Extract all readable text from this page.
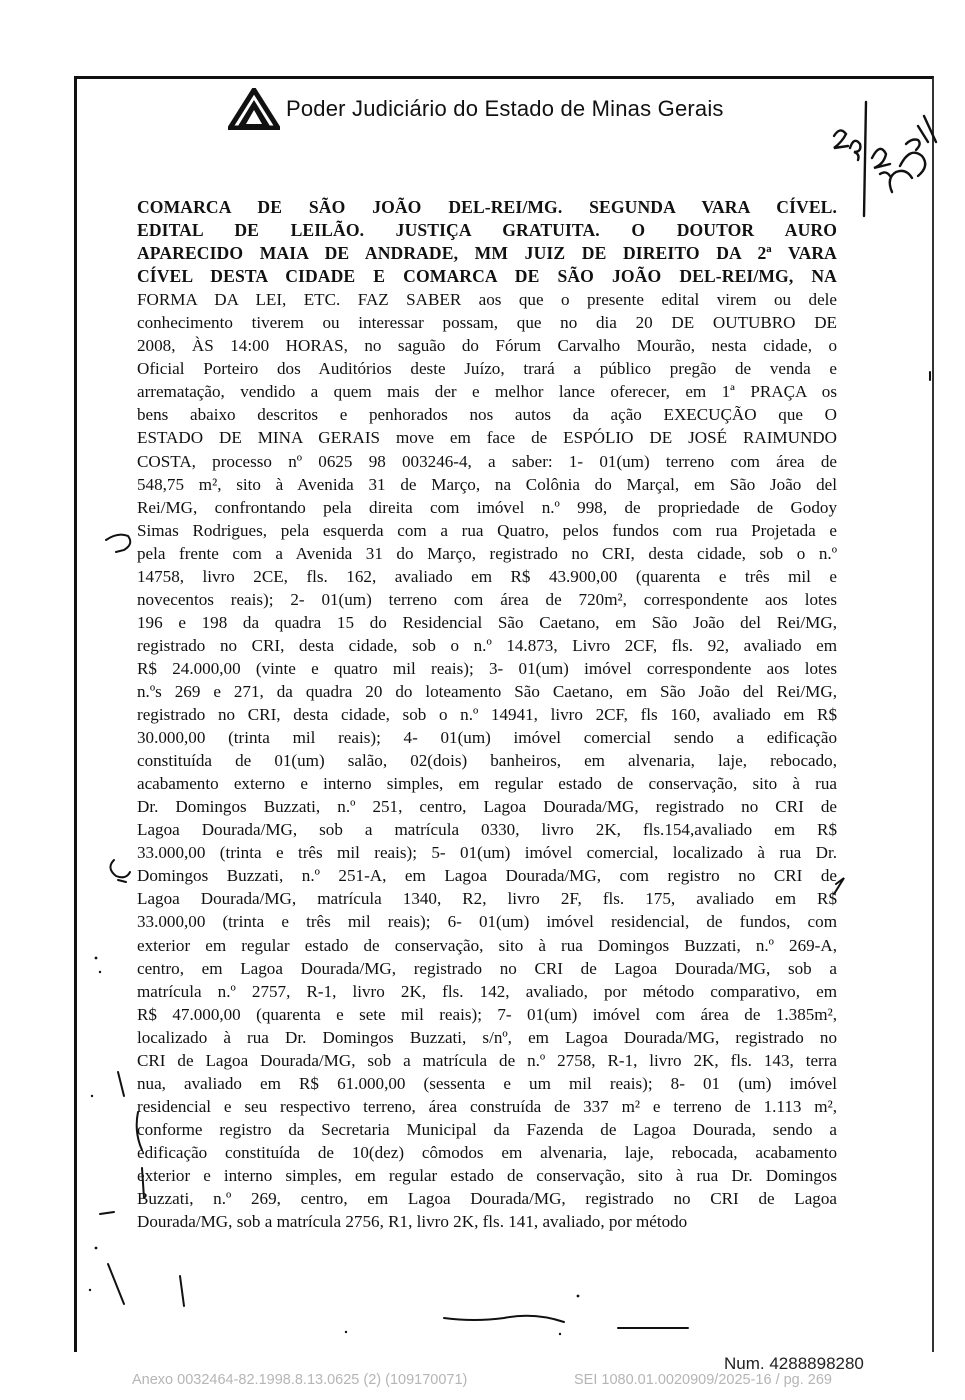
Poder Judiciário do Estado de Minas Gerais
COMARCA DE SÃO JOÃO DEL-REI/MG. SEGUNDA VARA CÍVEL.
EDITAL DE LEILÃO. JUSTIÇA GRATUITA. O DOUTOR AURO
APARECIDO MAIA DE ANDRADE, MM JUIZ DE DIREITO DA 2ª VARA
CÍVEL DESTA CIDADE E COMARCA DE SÃO JOÃO DEL-REI/MG, NA
FORMA DA LEI, ETC. FAZ SABER aos que o presente edital virem ou dele
conhecimento tiverem ou interessar possam, que no dia 20 DE OUTUBRO DE
2008, ÀS 14:00 HORAS, no saguão do Fórum Carvalho Mourão, nesta cidade, o
Oficial Porteiro dos Auditórios deste Juízo, trará a público pregão de venda e
arrematação, vendido a quem mais der e melhor lance oferecer, em 1ª PRAÇA os
bens abaixo descritos e penhorados nos autos da ação EXECUÇÃO que O
ESTADO DE MINA GERAIS move em face de ESPÓLIO DE JOSÉ RAIMUNDO
COSTA, processo nº 0625 98 003246-4, a saber: 1- 01(um) terreno com área de
548,75 m², sito à Avenida 31 de Março, na Colônia do Marçal, em São João del
Rei/MG, confrontando pela direita com imóvel n.º 998, de propriedade de Godoy
Simas Rodrigues, pela esquerda com a rua Quatro, pelos fundos com rua Projetada e
pela frente com a Avenida 31 do Março, registrado no CRI, desta cidade, sob o n.º
14758, livro 2CE, fls. 162, avaliado em R$ 43.900,00 (quarenta e três mil e
novecentos reais); 2- 01(um) terreno com área de 720m², correspondente aos lotes
196 e 198 da quadra 15 do Residencial São Caetano, em São João del Rei/MG,
registrado no CRI, desta cidade, sob o n.º 14.873, Livro 2CF, fls. 92, avaliado em
R$ 24.000,00 (vinte e quatro mil reais); 3- 01(um) imóvel correspondente aos lotes
n.ºs 269 e 271, da quadra 20 do loteamento São Caetano, em São João del Rei/MG,
registrado no CRI, desta cidade, sob o n.º 14941, livro 2CF, fls 160, avaliado em R$
30.000,00 (trinta mil reais); 4- 01(um) imóvel comercial sendo a edificação
constituída de 01(um) salão, 02(dois) banheiros, em alvenaria, laje, rebocado,
acabamento externo e interno simples, em regular estado de conservação, sito à rua
Dr. Domingos Buzzati, n.º 251, centro, Lagoa Dourada/MG, registrado no CRI de
Lagoa Dourada/MG, sob a matrícula 0330, livro 2K, fls.154,avaliado em R$
33.000,00 (trinta e três mil reais); 5- 01(um) imóvel comercial, localizado à rua Dr.
Domingos Buzzati, n.º 251-A, em Lagoa Dourada/MG, com registro no CRI de
Lagoa Dourada/MG, matrícula 1340, R2, livro 2F, fls. 175, avaliado em R$
33.000,00 (trinta e três mil reais); 6- 01(um) imóvel residencial, de fundos, com
exterior em regular estado de conservação, sito à rua Domingos Buzzati, n.º 269-A,
centro, em Lagoa Dourada/MG, registrado no CRI de Lagoa Dourada/MG, sob a
matrícula n.º 2757, R-1, livro 2K, fls. 142, avaliado, por método comparativo, em
R$ 47.000,00 (quarenta e sete mil reais); 7- 01(um) imóvel com área de 1.385m²,
localizado à rua Dr. Domingos Buzzati, s/nº, em Lagoa Dourada/MG, registrado no
CRI de Lagoa Dourada/MG, sob a matrícula de n.º 2758, R-1, livro 2K, fls. 143, terra
nua, avaliado em R$ 61.000,00 (sessenta e um mil reais); 8- 01 (um) imóvel
residencial e seu respectivo terreno, área construída de 337 m² e terreno de 1.113 m²,
conforme registro da Secretaria Municipal da Fazenda de Lagoa Dourada, sendo a
edificação constituída de 10(dez) cômodos em alvenaria, laje, rebocada, acabamento
exterior e interno simples, em regular estado de conservação, sito à rua Dr. Domingos
Buzzati, n.º 269, centro, em Lagoa Dourada/MG, registrado no CRI de Lagoa
Dourada/MG, sob a matrícula 2756, R1, livro 2K, fls. 141, avaliado, por método
Num. 4288898280
Anexo 0032464-82.1998.8.13.0625 (2) (109170071)	SEI 1080.01.0020909/2025-16 / pg. 269
